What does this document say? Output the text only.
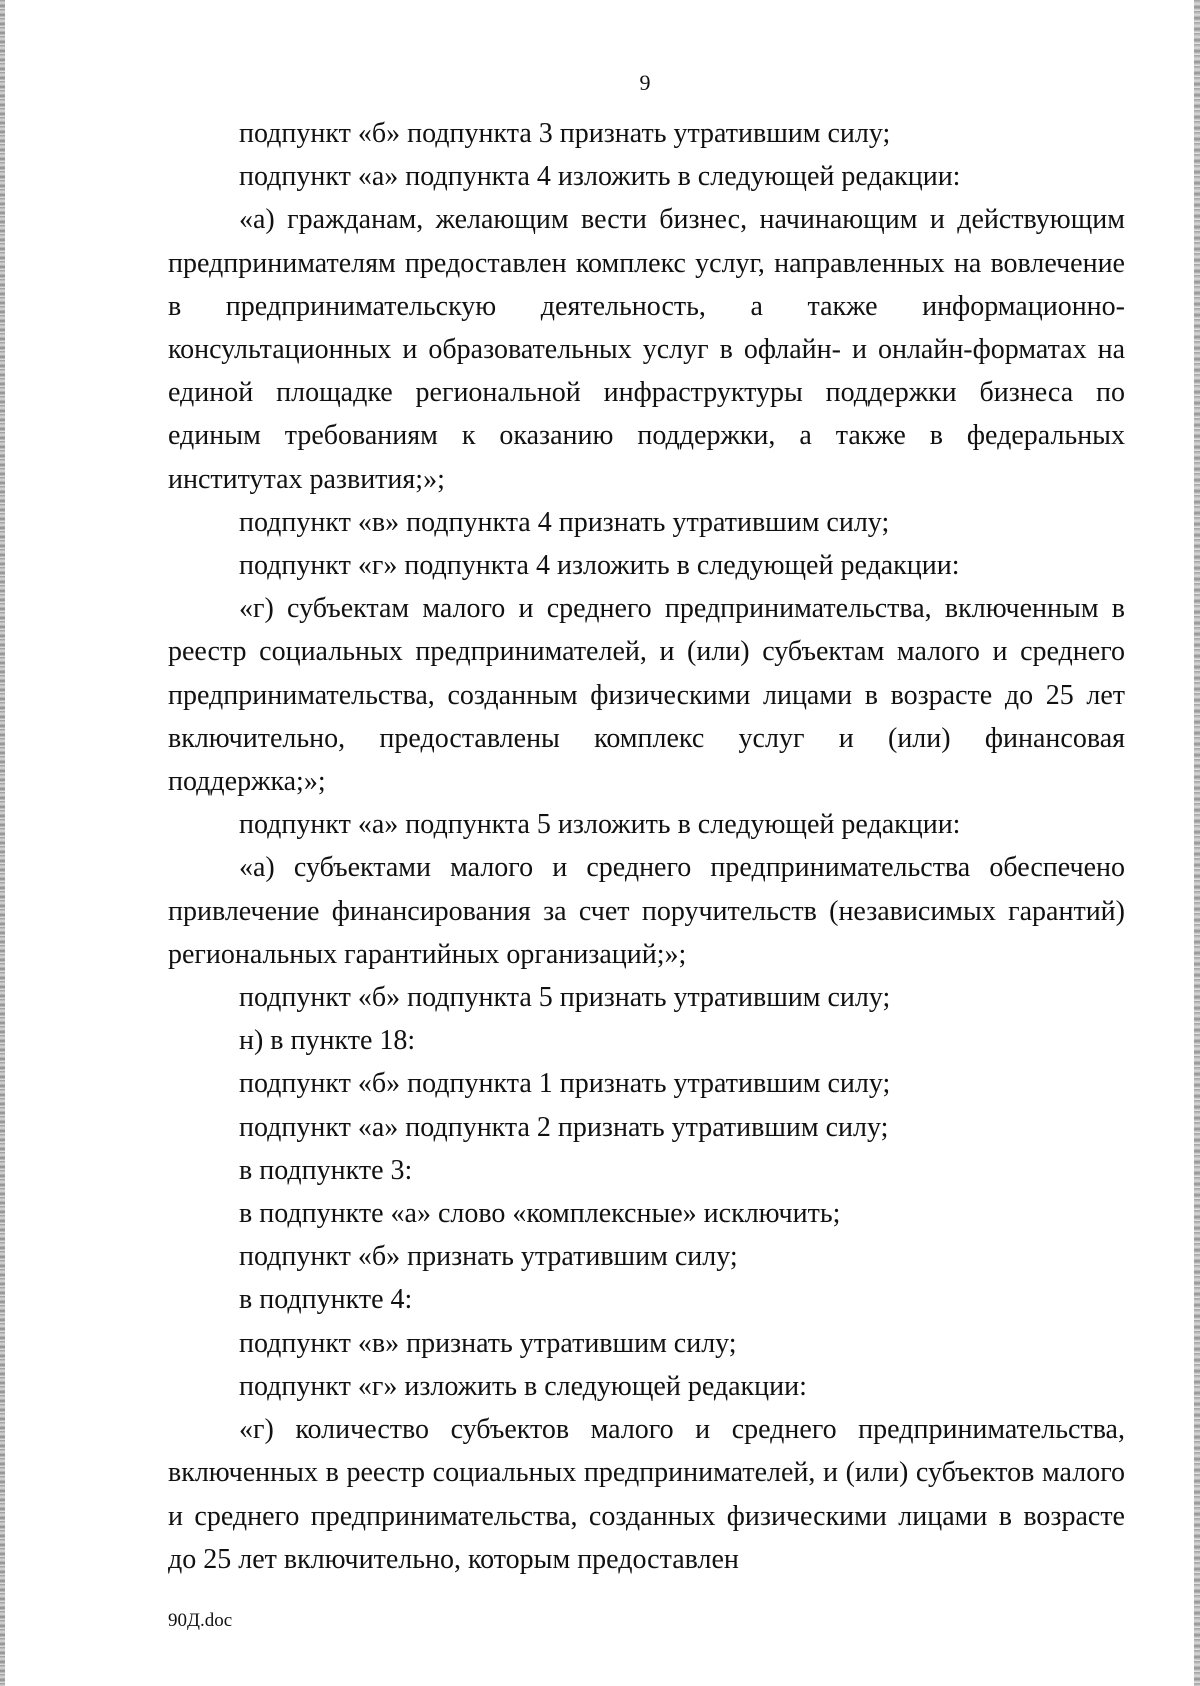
9

подпункт «б» подпункта 3 признать утратившим силу;

подпункт «а» подпункта 4 изложить в следующей редакции:

«а) гражданам, желающим вести бизнес, начинающим и действующим предпринимателям предоставлен комплекс услуг, направленных на вовлечение в предпринимательскую деятельность, а также информационно-консультационных и образовательных услуг в офлайн- и онлайн-форматах на единой площадке региональной инфраструктуры поддержки бизнеса по единым требованиям к оказанию поддержки, а также в федеральных институтах развития;»;

подпункт «в» подпункта 4 признать утратившим силу;

подпункт «г» подпункта 4 изложить в следующей редакции:

«г) субъектам малого и среднего предпринимательства, включенным в реестр социальных предпринимателей, и (или) субъектам малого и среднего предпринимательства, созданным физическими лицами в возрасте до 25 лет включительно, предоставлены комплекс услуг и (или) финансовая поддержка;»;

подпункт «а» подпункта 5 изложить в следующей редакции:

«а) субъектами малого и среднего предпринимательства обеспечено привлечение финансирования за счет поручительств (независимых гарантий) региональных гарантийных организаций;»;

подпункт «б» подпункта 5 признать утратившим силу;

н) в пункте 18:

подпункт «б» подпункта 1 признать утратившим силу;

подпункт «а» подпункта 2 признать утратившим силу;

в подпункте 3:

в подпункте «а» слово «комплексные» исключить;

подпункт «б» признать утратившим силу;

в подпункте 4:

подпункт «в» признать утратившим силу;

подпункт «г» изложить в следующей редакции:

«г) количество субъектов малого и среднего предпринимательства, включенных в реестр социальных предпринимателей, и (или) субъектов малого и среднего предпринимательства, созданных физическими лицами в возрасте до 25 лет включительно, которым предоставлен

90Д.doc
